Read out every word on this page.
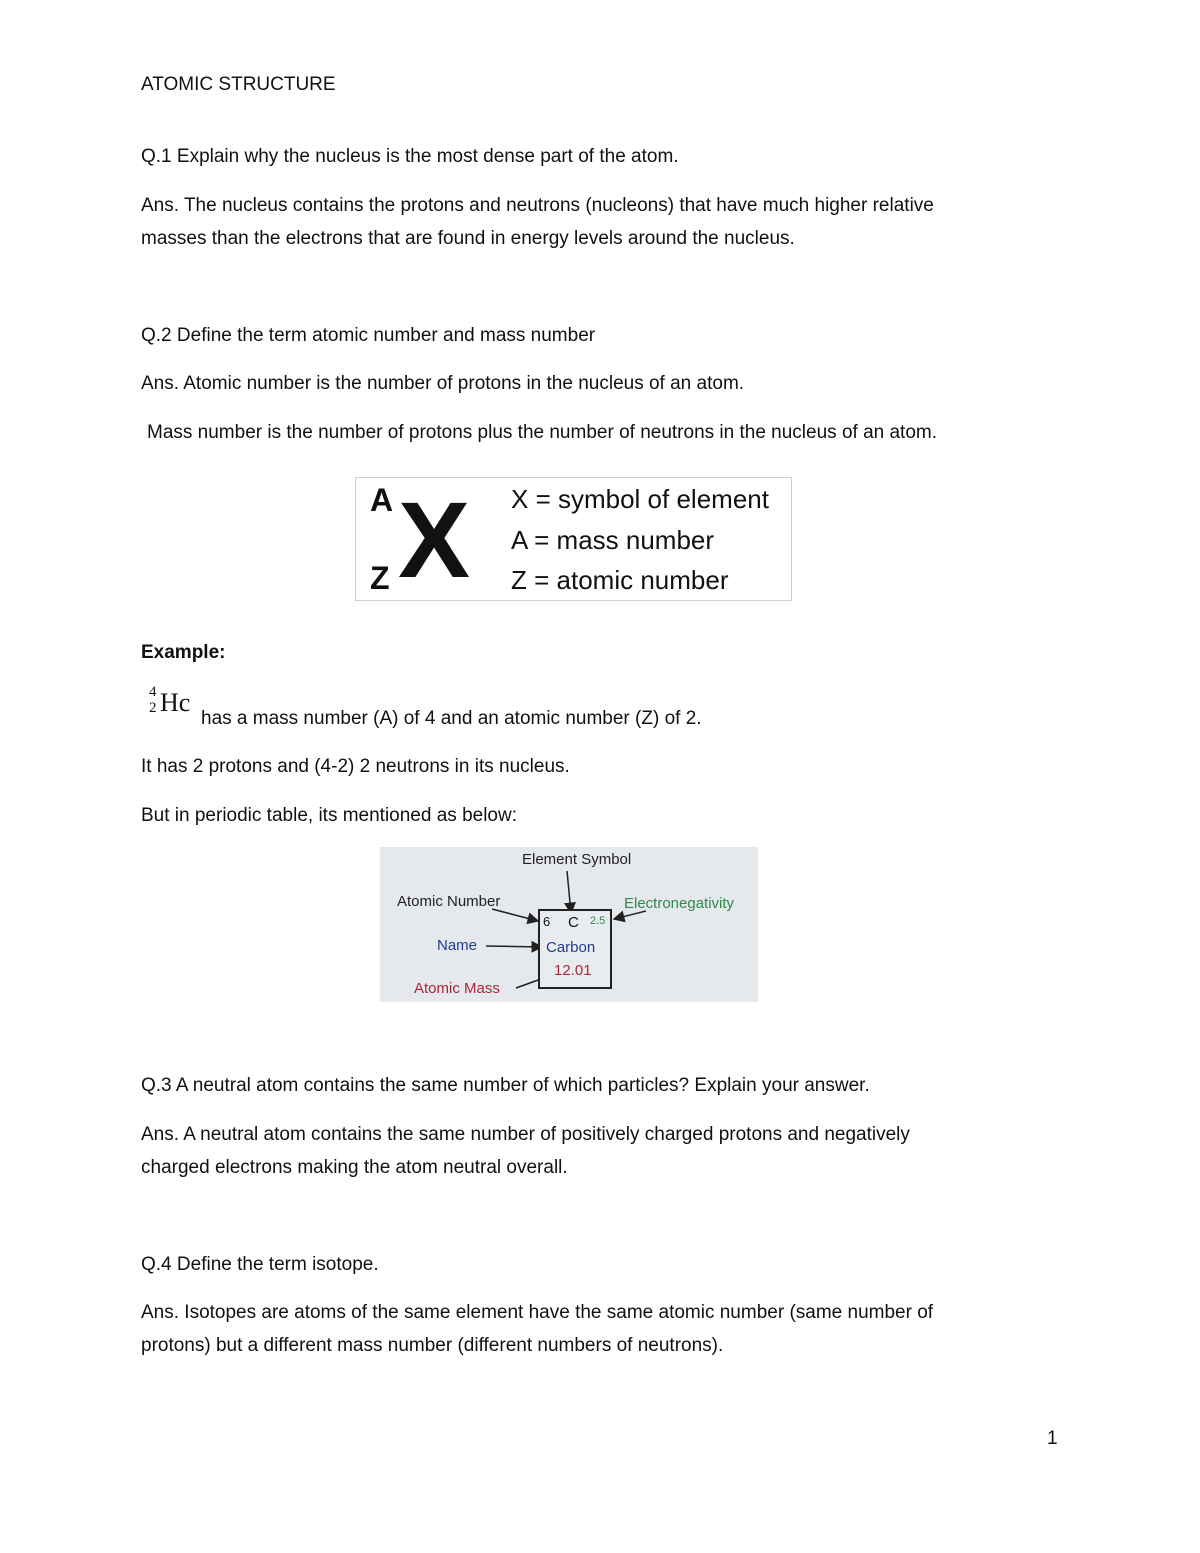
ATOMIC STRUCTURE
Q.1 Explain why the nucleus is the most dense part of the atom.
Ans. The nucleus contains the protons and neutrons (nucleons) that have much higher relative
masses than the electrons that are found in energy levels around the nucleus.
Q.2 Define the term atomic number and mass number
Ans. Atomic number is the number of protons in the nucleus of an atom.
Mass number is the number of protons plus the number of neutrons in the nucleus of an atom.
A
Z X X = symbol of element
A = mass number
Z = atomic number
Example:
4
2 Hc
has a mass number (A) of 4 and an atomic number (Z) of 2.
It has 2 protons and (4-2) 2 neutrons in its nucleus.
But in periodic table, its mentioned as below:
Element Symbol
Atomic Number	Electronegativity
Name
Atomic Mass
6 C 2.5
Carbon
12.01
Q.3 A neutral atom contains the same number of which particles? Explain your answer.
Ans. A neutral atom contains the same number of positively charged protons and negatively
charged electrons making the atom neutral overall.
Q.4 Define the term isotope.
Ans. Isotopes are atoms of the same element have the same atomic number (same number of
protons) but a different mass number (different numbers of neutrons).
1
